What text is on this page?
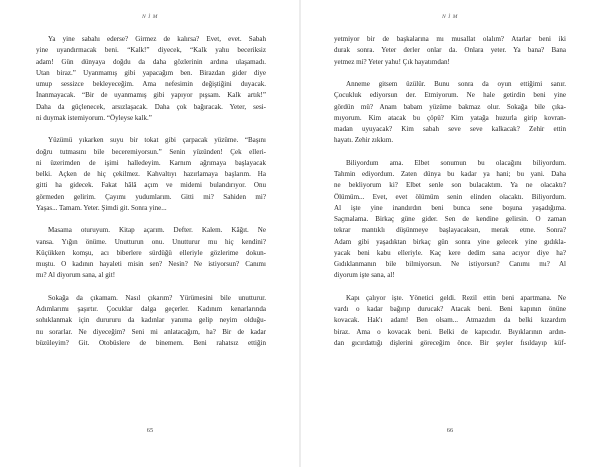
N İ M
Ya yine sabahı ederse? Girmez de kalırsa? Evet, evet. Sabah
yine uyandırmacak beni. “Kalk!” diyecek, “Kalk yahu beceriksiz
adam! Gün dünyaya doğdu da daha gözlerinin ardına ulaşamadı.
Utan biraz.” Uyanmamış gibi yapacağım ben. Birazdan gider diye
umup sessizce bekleyeceğim. Ama nefesimin değiştiğini duyacak.
İnanmayacak. “Bir de uyanmamış gibi yapıyor pışsam. Kalk artık!”
Daha da güçlenecek, arsızlaşacak. Daha çok bağıracak. Yeter, sesi-
ni duymak istemiyorum. “Öyleyse kalk.”
Yüzümü yıkarken suyu bir tokat gibi çarpacak yüzüme. “Başını
doğru tutmasını bile beceremiyorsun.” Senin yüzünden! Çek elleri-
ni üzerimden de işimi halledeyim. Karnım ağrımaya başlayacak
belki. Açken de hiç çekilmez. Kahvaltıyı hazırlamaya başlarım. Ha
gitti ha gidecek. Fakat hâlâ açım ve midemi bulandırıyor. Onu
görmeden gelirim. Çayımı yudumlarım. Gitti mi? Sahiden mi?
Yaşas... Tamam. Yeter. Şimdi git. Sonra yine...
Masama oturuyum. Kitap açarım. Defter. Kalem. Kâğıt. Ne
vansa. Yığın önüme. Unutturun onu. Unutturur mu hiç kendini?
Küçükken komşu, acı biberlere sürdüğü elleriyle gözlerime dokun-
muştu. O kadının hayaleti misin sen? Nesin? Ne istiyorsun? Canımı
mı? Al diyorum sana, al git!
Sokağa da çıkamam. Nasıl çıkarım? Yürümesini bile unutturur.
Adımlarımı şaşırtır. Çocuklar dalga geçerler. Kadınım kenarlarında
sohıklanmak için durururu da kadınlar yanıma gelip neyim olduğu-
nu sorarlar. Ne diyeceğim? Seni mi anlatacağım, ha? Bir de kadar
büzüleyim? Git. Otobüslere de binemem. Beni rahatsız ettiğin
65
N İ M
yetmiyor bir de başkalarına mı musallat olalım? Atarlar beni iki
durak sonra. Yeter derler onlar da. Onlara yeter. Ya bana? Bana
yetmez mi? Yeter yahu! Çık hayatımdan!
Anneme gitsem üzülür. Bunu sonra da oyun ettiğimi sanır.
Çocukluk ediyorsun der. Etmiyorum. Ne hale getirdin beni yine
gördün mü? Anam babam yüzüme bakmaz olur. Sokağa bile çıka-
mıyorum. Kim atacak bu çöpü? Kim yatağa huzurla girip kovran-
madan uyuyacak? Kim sabah seve seve kalkacak? Zehir ettin
hayatı. Zehir zıkkım.
Biliyordum ama. Elbet sonumun bu olacağını biliyordum.
Tahmin ediyordum. Zaten dünya bu kadar ya hani; bu yani. Daha
ne bekliyorum ki? Elbet senle son bulacaktım. Ya ne olacaktı?
Ölümüm... Evet, evet ölümüm senin elinden olacaktı. Biliyordum.
Al işte yine inandırdın beni bunca sene boşuna yaşadığıma.
Saçmalama. Birkaç güne gider. Sen de kendine gelirsin. O zaman
tekrar mantıklı düşünmeye başlayacaksın, merak etme. Sonra?
Adam gibi yaşadıktan birkaç gün sonra yine gelecek yine gıdıkla-
yacak beni kabu elleriyle. Kaç kere dedim sana acıyor diye ha?
Gıdıklanmanın bile bilmiyorsun. Ne istiyorsun? Canımı mı? Al
diyorum işte sana, al!
Kapı çalıyor işte. Yönetici geldi. Rezil ettin beni apartmana. Ne
vardı o kadar bağırıp durucak? Atacak beni. Beni kapının önüne
kovacak. Hak'ı adam! Ben olsam... Atmazdım da belki kızardım
biraz. Ama o kovacak beni. Belki de kapıcıdır. Bıyıklarının ardın-
dan gıcırdattığı dişlerini göreceğim önce. Bir şeyler fısıldayıp küf-
66
